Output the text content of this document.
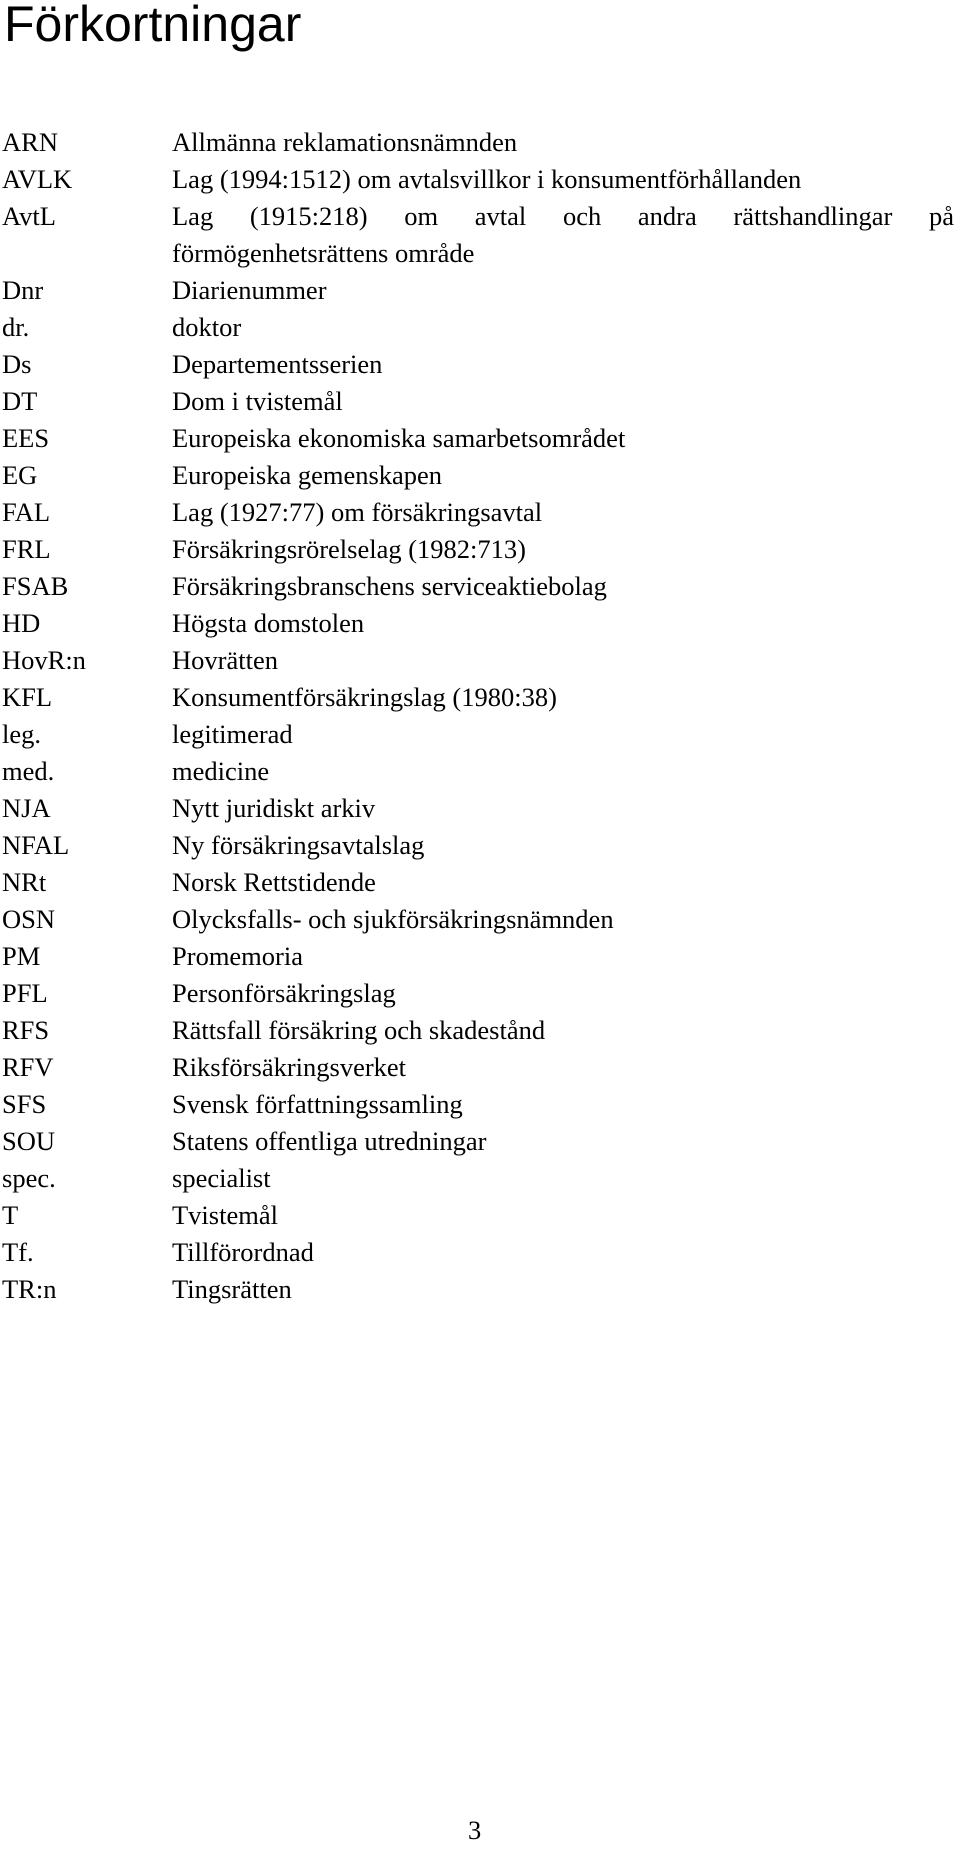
Förkortningar
ARN	Allmänna reklamationsnämnden
AVLK	Lag (1994:1512) om avtalsvillkor i konsumentförhållanden
AvtL	Lag (1915:218) om avtal och andra rättshandlingar på förmögenhetsrättens område
Dnr	Diarienummer
dr.	doktor
Ds	Departementsserien
DT	Dom i tvistemål
EES	Europeiska ekonomiska samarbetsområdet
EG	Europeiska gemenskapen
FAL	Lag (1927:77) om försäkringsavtal
FRL	Försäkringsrörelselag (1982:713)
FSAB	Försäkringsbranschens serviceaktiebolag
HD	Högsta domstolen
HovR:n	Hovrätten
KFL	Konsumentförsäkringslag (1980:38)
leg.	legitimerad
med.	medicine
NJA	Nytt juridiskt arkiv
NFAL	Ny försäkringsavtalslag
NRt	Norsk Rettstidende
OSN	Olycksfalls- och sjukförsäkringsnämnden
PM	Promemoria
PFL	Personförsäkringslag
RFS	Rättsfall försäkring och skadestånd
RFV	Riksförsäkringsverket
SFS	Svensk författningssamling
SOU	Statens offentliga utredningar
spec.	specialist
T	Tvistemål
Tf.	Tillförordnad
TR:n	Tingsrätten
3
